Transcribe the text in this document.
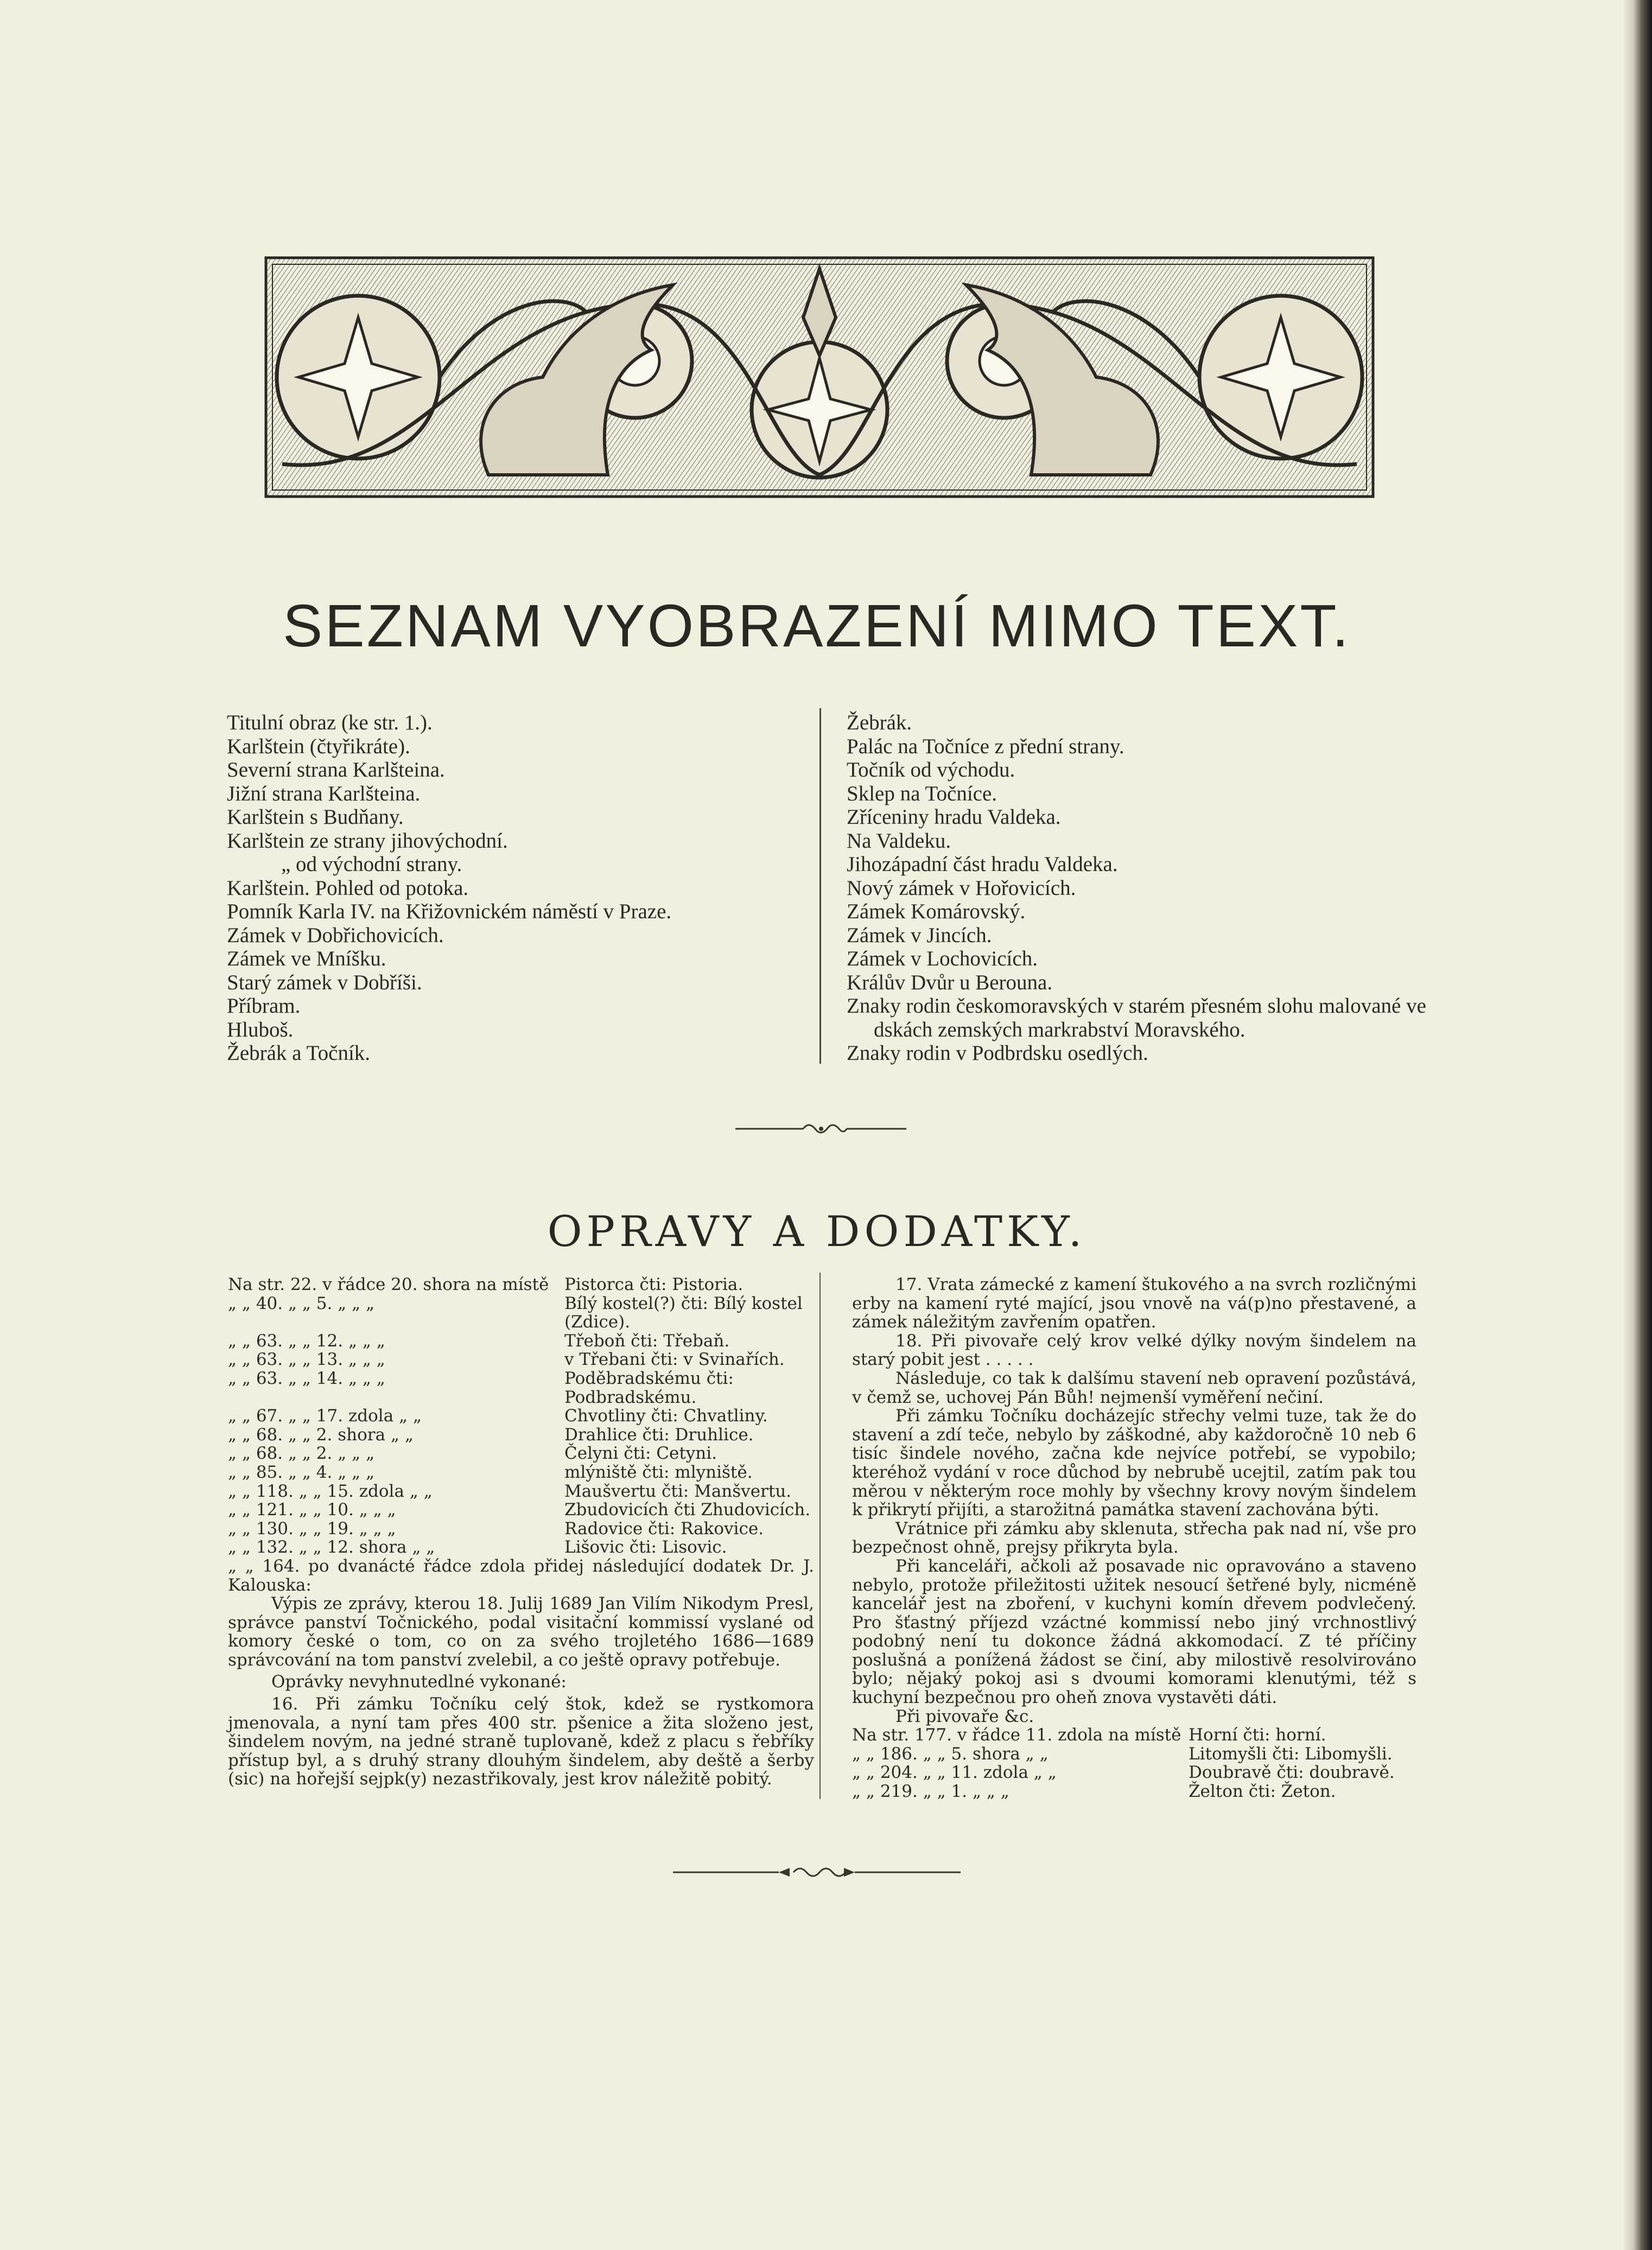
SEZNAM VYOBRAZENÍ MIMO TEXT.
Titulní obraz (ke str. 1.).
Karlštein (čtyřikráte).
Severní strana Karlšteina.
Jižní strana Karlšteina.
Karlštein s Budňany.
Karlštein ze strany jihovýchodní.
„ od východní strany.
Karlštein. Pohled od potoka.
Pomník Karla IV. na Křižovnickém náměstí v Praze.
Zámek v Dobřichovicích.
Zámek ve Mníšku.
Starý zámek v Dobříši.
Příbram.
Hluboš.
Žebrák a Točník.
Žebrák.
Palác na Točníce z přední strany.
Točník od východu.
Sklep na Točníce.
Zříceniny hradu Valdeka.
Na Valdeku.
Jihozápadní část hradu Valdeka.
Nový zámek v Hořovicích.
Zámek Komárovský.
Zámek v Jincích.
Zámek v Lochovicích.
Králův Dvůr u Berouna.
Znaky rodin českomoravských v starém přesném slohu malované ve dskách zemských markrabství Moravského.
Znaky rodin v Podbrdsku osedlých.
OPRAVY A DODATKY.
Na str. 22. v řádce 20. shora na místě Pistorca čti: Pistoria.
„ „ 40. „ „ 5. „ „ „	Bílý kostel(?) čti: Bílý kostel (Zdice).
„ „ 63. „ „ 12. „ „ „	Třeboň čti: Třebaň.
„ „ 63. „ „ 13. „ „ „	v Třebani čti: v Svinařích.
„ „ 63. „ „ 14. „ „ „	Poděbradskému čti: Podbradskému.
„ „ 67. „ „ 17. zdola „ „	Chvotliny čti: Chvatliny.
„ „ 68. „ „ 2. shora „ „	Drahlice čti: Druhlice.
„ „ 68. „ „ 2. „ „ „	Čelyni čti: Cetyni.
„ „ 85. „ „ 4. „ „ „	mlýniště čti: mlyniště.
„ „ 118. „ „ 15. zdola „ „	Maušvertu čti: Manšvertu.
„ „ 121. „ „ 10. „ „ „	Zbudovicích čti Zhudovicích.
„ „ 130. „ „ 19. „ „ „	Radovice čti: Rakovice.
„ „ 132. „ „ 12. shora „ „	Lišovic čti: Lisovic.
„ „ 164. po dvanácté řádce zdola přidej následující dodatek Dr. J. Kalouska:
Výpis ze zprávy, kterou 18. Julij 1689 Jan Vilím Nikodym Presl, správce panství Točnického, podal visitační kommissí vyslané od komory české o tom, co on za svého trojletého 1686—1689 správcování na tom panství zvelebil, a co ještě opravy potřebuje.
Oprávky nevyhnutedlné vykonané:
16. Při zámku Točníku celý štok, kdež se rystkomora jmenovala, a nyní tam přes 400 str. pšenice a žita složeno jest, šindelem novým, na jedné straně tuplovaně, kdež z placu s řebříky přístup byl, a s druhý strany dlouhým šindelem, aby deště a šerby (sic) na hořejší sejpk(y) nezastřikovaly, jest krov náležitě pobitý.
17. Vrata zámecké z kamení štukového a na svrch rozličnými erby na kamení ryté mající, jsou vnově na vá(p)no přestavené, a zámek náležitým zavřením opatřen.
18. Při pivovaře celý krov velké dýlky novým šindelem na starý pobit jest . . . . .
Následuje, co tak k dalšímu stavení neb opravení pozůstává, v čemž se, uchovej Pán Bůh! nejmenší vyměření nečiní.
Při zámku Točníku docházejíc střechy velmi tuze, tak že do stavení a zdí teče, nebylo by záškodné, aby každoročně 10 neb 6 tisíc šindele nového, začna kde nejvíce potřebí, se vypobilo; kteréhož vydání v roce důchod by nebrubě ucejtil, zatím pak tou měrou v některým roce mohly by všechny krovy novým šindelem k přikrytí přijíti, a starožitná památka stavení zachována býti.
Vrátnice při zámku aby sklenuta, střecha pak nad ní, vše pro bezpečnost ohně, prejsy přikryta byla.
Při kanceláři, ačkoli až posavade nic opravováno a staveno nebylo, protože přiležitosti užitek nesoucí šetřené byly, nicméně kancelář jest na zboření, v kuchyni komín dřevem podvlečený. Pro šťastný příjezd vzáctné kommissí nebo jiný vrchnostlivý podobný není tu dokonce žádná akkomodací. Z té příčiny poslušná a ponížená žádost se činí, aby milostivě resolvirováno bylo; nějaký pokoj asi s dvoumi komorami klenutými, též s kuchyní bezpečnou pro oheň znova vystavěti dáti.
Při pivovaře &c.
Na str. 177. v řádce 11. zdola na místě Horní čti: horní.
„ „ 186. „ „ 5. shora „ „	Litomyšli čti: Libomyšli.
„ „ 204. „ „ 11. zdola „ „	Doubravě čti: doubravě.
„ „ 219. „ „ 1. „ „ „	Želton čti: Žeton.
